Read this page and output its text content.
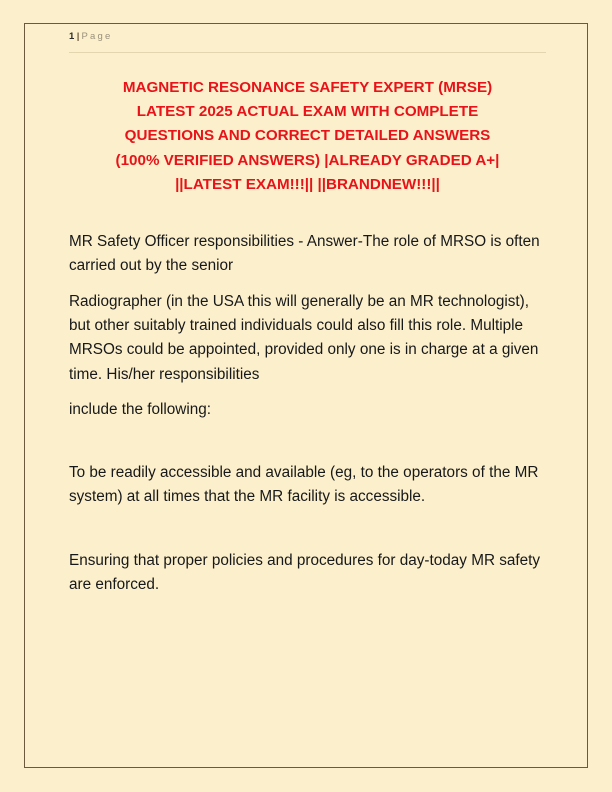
1 | Page
MAGNETIC RESONANCE SAFETY EXPERT (MRSE)
LATEST 2025 ACTUAL EXAM WITH COMPLETE
QUESTIONS AND CORRECT DETAILED ANSWERS
(100% VERIFIED ANSWERS) |ALREADY GRADED A+|
||LATEST EXAM!!!|| ||BRANDNEW!!!||

MR Safety Officer responsibilities - Answer-The role of MRSO is often carried out by the senior

Radiographer (in the USA this will generally be an MR technologist), but other suitably trained individuals could also fill this role. Multiple MRSOs could be appointed, provided only one is in charge at a given time. His/her responsibilities

include the following:

To be readily accessible and available (eg, to the operators of the MR system) at all times that the MR facility is accessible.

Ensuring that proper policies and procedures for day-today MR safety are enforced.
